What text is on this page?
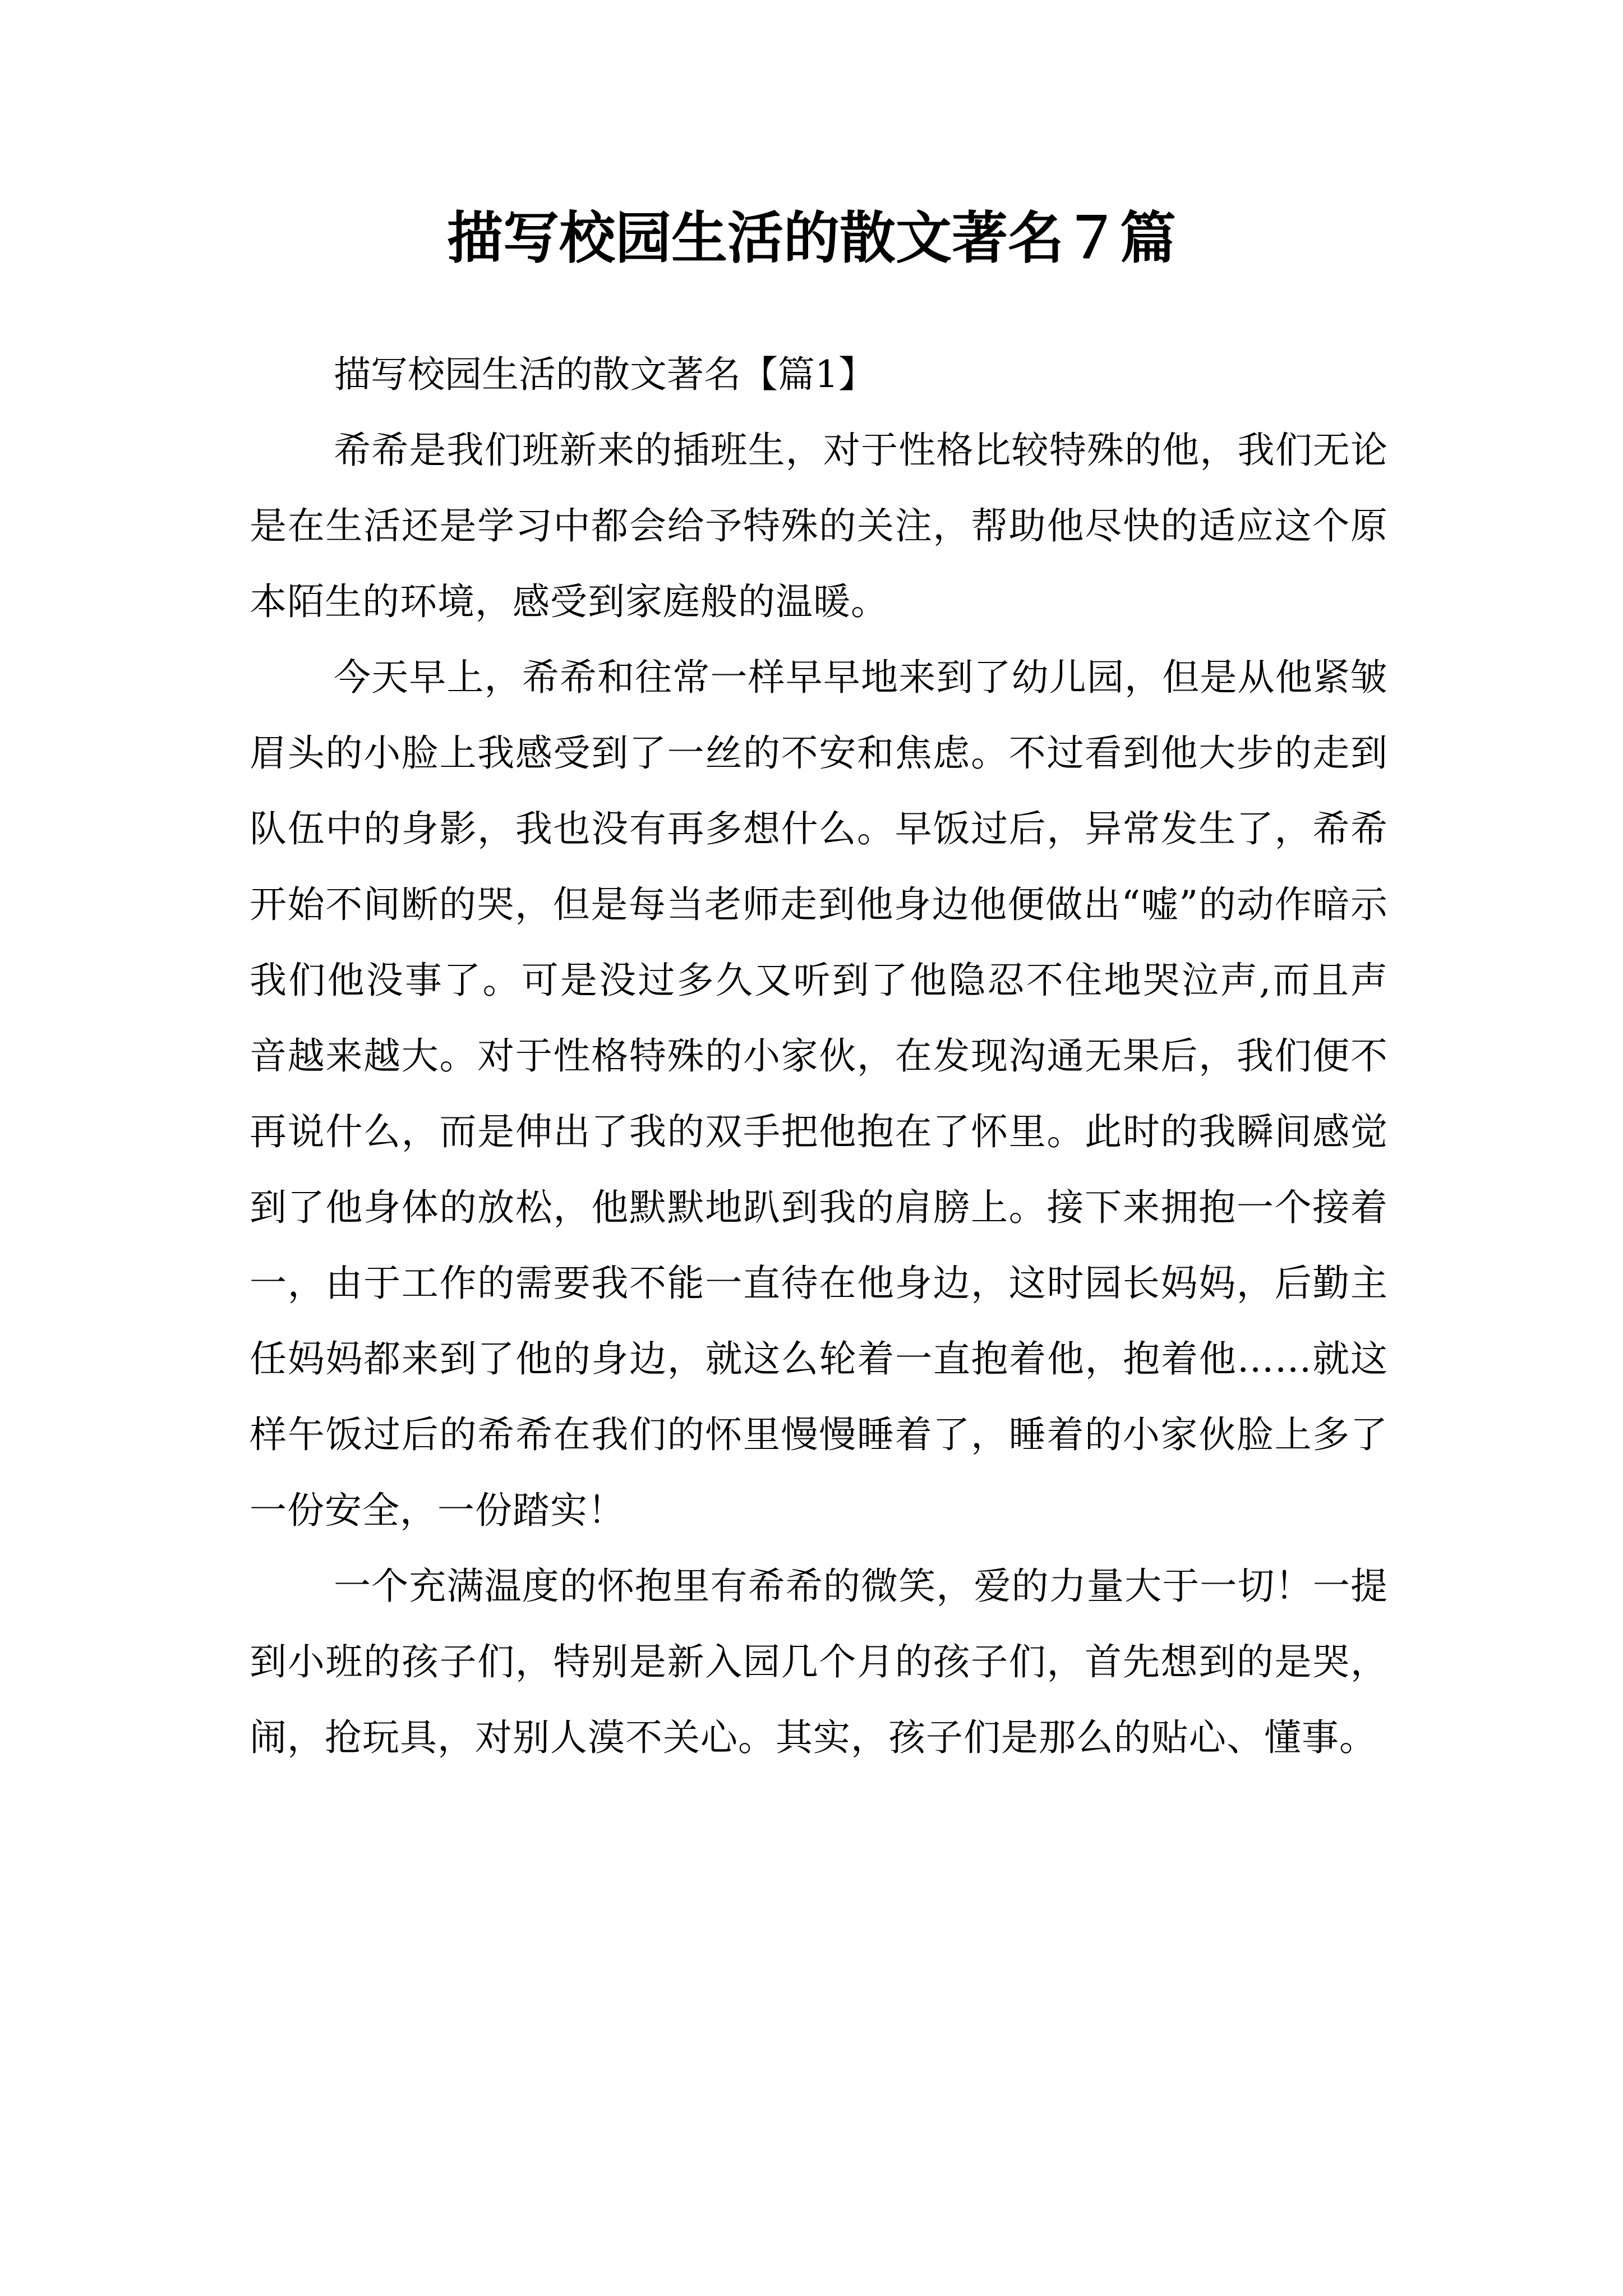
描写校园生活的散文著名７篇

描写校园生活的散文著名【篇1】

希希是我们班新来的插班生，对于性格比较特殊的他，我们无论是在生活还是学习中都会给予特殊的关注，帮助他尽快的适应这个原本陌生的环境，感受到家庭般的温暖。

今天早上，希希和往常一样早早地来到了幼儿园，但是从他紧皱眉头的小脸上我感受到了一丝的不安和焦虑。不过看到他大步的走到队伍中的身影，我也没有再多想什么。早饭过后，异常发生了，希希开始不间断的哭，但是每当老师走到他身边他便做出“嘘”的动作暗示我们他没事了。可是没过多久又听到了他隐忍不住地哭泣声,而且声音越来越大。对于性格特殊的小家伙，在发现沟通无果后，我们便不再说什么，而是伸出了我的双手把他抱在了怀里。此时的我瞬间感觉到了他身体的放松，他默默地趴到我的肩膀上。接下来拥抱一个接着一，由于工作的需要我不能一直待在他身边，这时园长妈妈，后勤主任妈妈都来到了他的身边，就这么轮着一直抱着他，抱着他……就这样午饭过后的希希在我们的怀里慢慢睡着了，睡着的小家伙脸上多了一份安全，一份踏实！

一个充满温度的怀抱里有希希的微笑，爱的力量大于一切！一提到小班的孩子们，特别是新入园几个月的孩子们，首先想到的是哭，闹，抢玩具，对别人漠不关心。其实，孩子们是那么的贴心、懂事。
